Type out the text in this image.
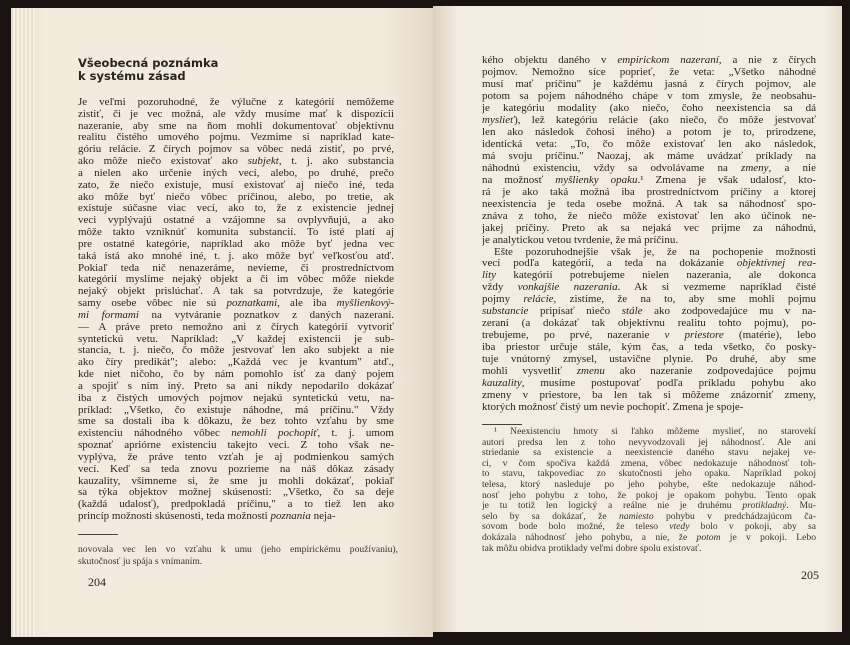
Všeobecná poznámka
k systému zásad
Je veľmi pozoruhodné, že výlučne z kategórií nemôžeme
zistiť, či je vec možná, ale vždy musíme mať k dispozícii
nazeranie, aby sme na ňom mohli dokumentovať objektívnu
realitu čistého umového pojmu. Vezmime si napríklad kate-
góriu relácie. Z čírych pojmov sa vôbec nedá zistiť, po prvé,
ako môže niečo existovať ako subjekt, t. j. ako substancia
a nielen ako určenie iných vecí, alebo, po druhé, prečo
zato, že niečo existuje, musí existovať aj niečo iné, teda
ako môže byť niečo vôbec príčinou, alebo, po tretie, ak
existuje súčasne viac vecí, ako to, že z existencie jednej
veci vyplývajú ostatné a vzájomne sa ovplyvňujú, a ako
môže takto vzniknúť komunita substancií. To isté platí aj
pre ostatné kategórie, napríklad ako môže byť jedna vec
taká istá ako mnohé iné, t. j. ako môže byť veľkosťou atď.
Pokiaľ teda nič nenazeráme, nevieme, či prostredníctvom
kategórií myslíme nejaký objekt a či im vôbec môže niekde
nejaký objekt prislúchať. A tak sa potvrdzuje, že kategórie
samy osebe vôbec nie sú poznatkami, ale iba myšlienkový-
mi formami na vytváranie poznatkov z daných nazeraní.
— A práve preto nemožno ani z čírych kategórií vytvoriť
syntetickú vetu. Napríklad: „V každej existencii je sub-
stancia, t. j. niečo, čo môže jestvovať len ako subjekt a nie
ako číry predikát"; alebo: „Každá vec je kvantum" atď.,
kde niet ničoho, čo by nám pomohlo ísť za daný pojem
a spojiť s ním iný. Preto sa ani nikdy nepodarilo dokázať
iba z čistých umových pojmov nejakú syntetickú vetu, na-
príklad: „Všetko, čo existuje náhodne, má príčinu." Vždy
sme sa dostali iba k dôkazu, že bez tohto vzťahu by sme
existenciu náhodného vôbec nemohli pochopiť, t. j. umom
spoznať apriórne existenciu takejto veci. Z toho však ne-
vyplýva, že práve tento vzťah je aj podmienkou samých
vecí. Keď sa teda znovu pozrieme na náš dôkaz zásady
kauzality, všimneme si, že sme ju mohli dokázať, pokiaľ
sa týka objektov možnej skúsenosti: „Všetko, čo sa deje
(každá udalosť), predpokladá príčinu," a to tiež len ako
princíp možnosti skúsenosti, teda možnosti poznania neja-
novovala vec len vo vzťahu k umu (jeho empirickému používaniu),
skutočnosť ju spája s vnímaním.
204
kého objektu daného v empirickom nazeraní, a nie z čírych
pojmov. Nemožno síce poprieť, že veta: „Všetko náhodné
musí mať príčinu" je každému jasná z čírych pojmov, ale
potom sa pojem náhodného chápe v tom zmysle, že neobsahu-
je kategóriu modality (ako niečo, čoho neexistencia sa dá
myslieť), lež kategóriu relácie (ako niečo, čo môže jestvovať
len ako následok čohosi iného) a potom je to, prirodzene,
identická veta: „To, čo môže existovať len ako následok,
má svoju príčinu." Naozaj, ak máme uvádzať príklady na
náhodnú existenciu, vždy sa odvolávame na zmeny, a nie
na možnosť myšlienky opaku.¹ Zmena je však udalosť, kto-
rá je ako taká možná iba prostredníctvom príčiny a ktorej
neexistencia je teda osebe možná. A tak sa náhodnosť spo-
znáva z toho, že niečo môže existovať len ako účinok ne-
jakej príčiny. Preto ak sa nejaká vec prijme za náhodnú,
je analytickou vetou tvrdenie, že má príčinu.
Ešte pozoruhodnejšie však je, že na pochopenie možnosti
vecí podľa kategórií, a teda na dokázanie objektívnej rea-
lity kategórií potrebujeme nielen nazerania, ale dokonca
vždy vonkajšie nazerania. Ak si vezmeme napríklad čisté
pojmy relácie, zistíme, že na to, aby sme mohli pojmu
substancie pripísať niečo stále ako zodpovedajúce mu v na-
zeraní (a dokázať tak objektívnu realitu tohto pojmu), po-
trebujeme, po prvé, nazeranie v priestore (matérie), lebo
iba priestor určuje stále, kým čas, a teda všetko, čo posky-
tuje vnútorný zmysel, ustavične plynie. Po druhé, aby sme
mohli vysvetliť zmenu ako nazeranie zodpovedajúce pojmu
kauzality, musíme postupovať podľa príkladu pohybu ako
zmeny v priestore, ba len tak si môžeme znázorniť zmeny,
ktorých možnosť čistý um nevie pochopiť. Zmena je spoje-
¹ Neexistenciu hmoty si ľahko môžeme myslieť, no starovekí
autori predsa len z toho nevyvodzovali jej náhodnosť. Ale ani
striedanie sa existencie a neexistencie daného stavu nejakej ve-
ci, v čom spočíva každá zmena, vôbec nedokazuje náhodnosť toh-
to stavu, takpovediac zo skutočnosti jeho opaku. Napríklad pokoj
telesa, ktorý nasleduje po jeho pohybe, ešte nedokazuje náhod-
nosť jeho pohybu z toho, že pokoj je opakom pohybu. Tento opak
je tu totiž len logický a reálne nie je druhému protikladný. Mu-
selo by sa dokázať, že namiesto pohybu v predchádzajúcom ča-
sovom bode bolo možné, že teleso vtedy bolo v pokoji, aby sa
dokázala náhodnosť jeho pohybu, a nie, že potom je v pokoji. Lebo
tak môžu obidva protiklady veľmi dobre spolu existovať.
205
